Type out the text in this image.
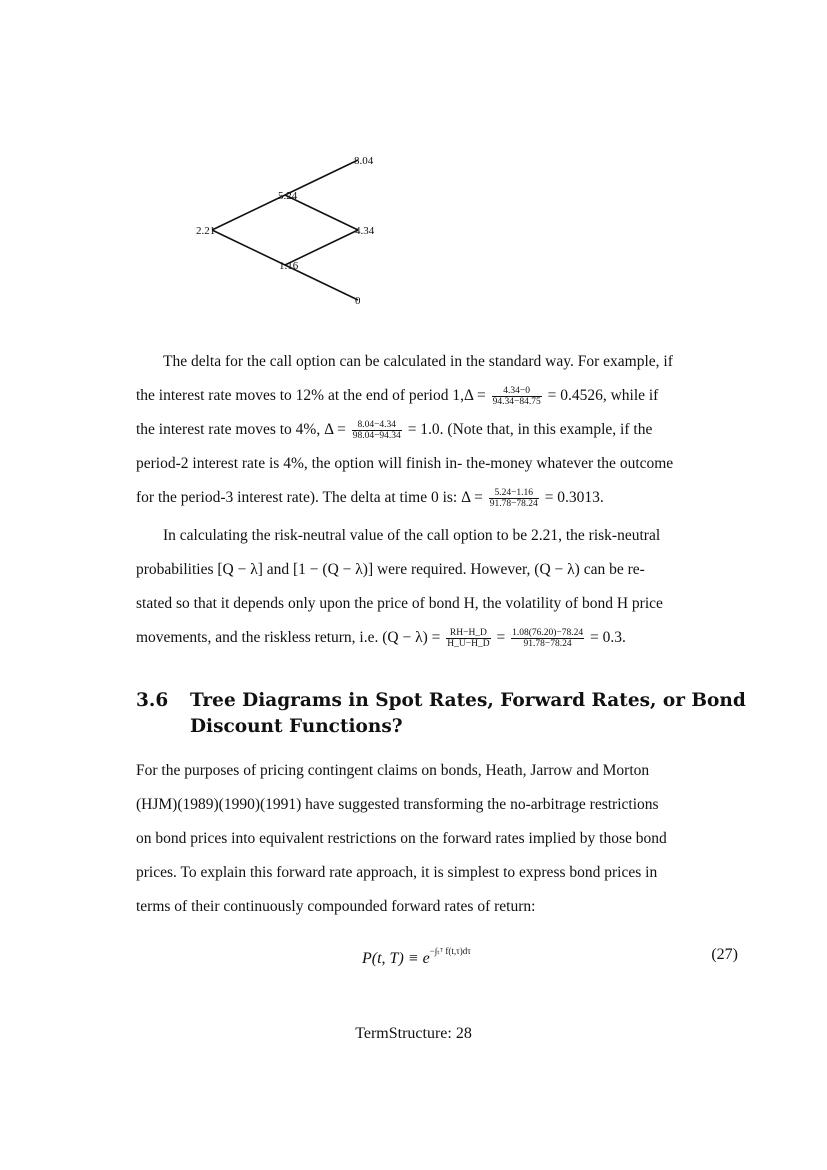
2.21
5.24
1.16
8.04
4.34
0
The delta for the call option can be calculated in the standard way. For example, if
the interest rate moves to 12% at the end of period $1,\Delta = \frac{4.34-0}{94.34-84.75} = 0.4526$, while if
the interest rate moves to 4%, $\Delta = \frac{8.04-4.34}{98.04-94.34} = 1.0$. (Note that, in this example, if the
period-2 interest rate is 4%, the option will finish in- the-money whatever the outcome
for the period-3 interest rate). The delta at time 0 is: $\Delta = \frac{5.24-1.16}{91.78-78.24} = 0.3013$.
In calculating the risk-neutral value of the call option to be 2.21, the risk-neutral
probabilities [Q − λ] and [1 − (Q − λ)] were required. However, (Q − λ) can be re-
stated so that it depends only upon the price of bond H, the volatility of bond H price
movements, and the riskless return, i.e. $(Q - \lambda) = \frac{RH-H\_D}{H\_U-H\_D} = \frac{1.08(76.20)-78.24}{91.78-78.24} = 0.3$.
3.6 Tree Diagrams in Spot Rates, Forward Rates, or Bond
Discount Functions?
For the purposes of pricing contingent claims on bonds, Heath, Jarrow and Morton
(HJM)(1989)(1990)(1991) have suggested transforming the no-arbitrage restrictions
on bond prices into equivalent restrictions on the forward rates implied by those bond
prices. To explain this forward rate approach, it is simplest to express bond prices in
terms of their continuously compounded forward rates of return:
P(t, $T) \equiv e^{-\int_tᵀ f(t,\tau)d\tau}$	(27)
TermStructure: 28
